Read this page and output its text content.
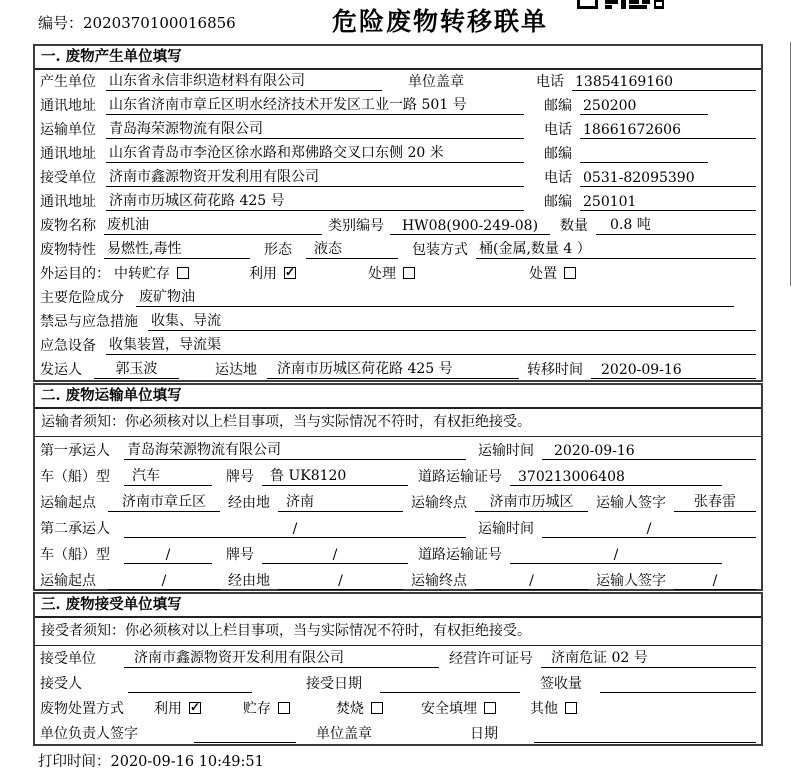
编号：2020370100016856	危险废物转移联单
一. 废物产生单位填写
产生单位 山东省永信非织造材料有限公司	单位盖章	电话 13854169160
通讯地址 山东省济南市章丘区明水经济技术开发区工业一路 501 号	邮编 250200
运输单位 青岛海荣源物流有限公司	电话 18661672606
通讯地址 山东省青岛市李沧区徐水路和郑佛路交叉口东侧 20 米	邮编
接受单位 济南市鑫源物资开发利用有限公司	电话 0531-82095390
通讯地址 济南市历城区荷花路 425 号	邮编 250101
废物名称 废机油	类别编号	HW08(900-249-08)	数量	0.8 吨
废物特性 易燃性,毒性	形态	液态	包装方式 桶(金属,数量 4 ）
外运目的： 中转贮存	利用 ✓	处理	处置
主要危险成分 废矿物油
禁忌与应急措施 收集、导流
应急设备 收集装置，导流渠
发运人	郭玉波	运达地	济南市历城区荷花路 425 号	转移时间	2020-09-16
二. 废物运输单位填写
运输者须知：你必须核对以上栏目事项，当与实际情况不符时，有权拒绝接受。
第一承运人 青岛海荣源物流有限公司	运输时间	2020-09-16
车（船）型	汽车	牌号	鲁 UK8120	道路运输证号	370213006408
运输起点	济南市章丘区	经由地	济南	运输终点	济南市历城区	运输人签字	张春雷
第二承运人	/	运输时间	/
车（船）型	/	牌号	/	道路运输证号	/
运输起点	/	经由地	/	运输终点	/	运输人签字	/
三. 废物接受单位填写
接受者须知：你必须核对以上栏目事项，当与实际情况不符时，有权拒绝接受。
接受单位	济南市鑫源物资开发利用有限公司	经营许可证号	济南危证 02 号
接受人	接受日期	签收量
废物处置方式 利用 ✓	贮存	焚烧	安全填埋	其他
单位负责人签字	单位盖章	日期
打印时间：2020-09-16 10:49:51
